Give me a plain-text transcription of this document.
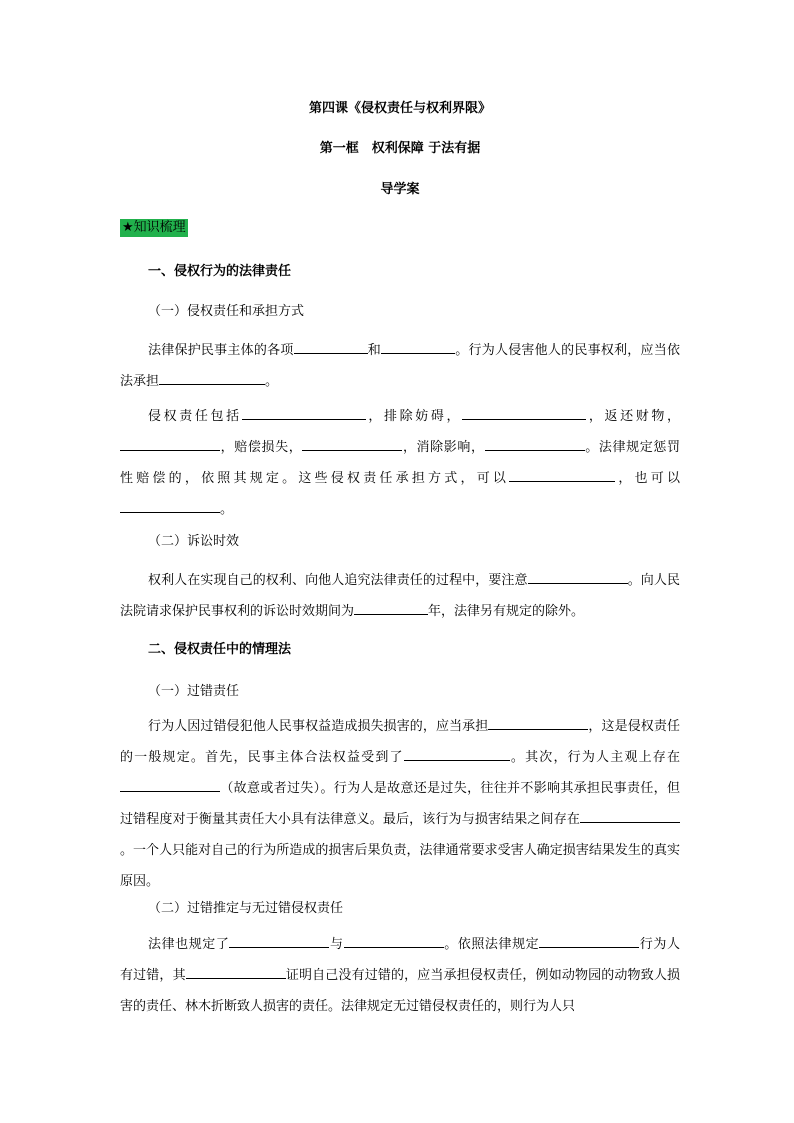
第四课《侵权责任与权利界限》
第一框　权利保障 于法有据
导学案
★知识梳理
一、侵权行为的法律责任
（一）侵权责任和承担方式

法律保护民事主体的各项	和	。行为人侵害他人的民事权利，应当依法承担	。

侵权责任包括	，排除妨碍，	，返还财物，，赔偿损失，	，消除影响，	。法律规定惩罚性赔偿的，依照其规定。这些侵权责任承担方式，可以	，也可以。

（二）诉讼时效

权利人在实现自己的权利、向他人追究法律责任的过程中，要注意	。向人民法院请求保护民事权利的诉讼时效期间为	年，法律另有规定的除外。

二、侵权责任中的情理法
（一）过错责任

行为人因过错侵犯他人民事权益造成损失损害的，应当承担	，这是侵权责任的一般规定。首先，民事主体合法权益受到了	。其次，行为人主观上存在（故意或者过失）。行为人是故意还是过失，往往并不影响其承担民事责任，但过错程度对于衡量其责任大小具有法律意义。最后，该行为与损害结果之间存在。一个人只能对自己的行为所造成的损害后果负责，法律通常要求受害人确定损害结果发生的真实原因。

（二）过错推定与无过错侵权责任

法律也规定了	与	。依照法律规定	行为人有过错，其	证明自己没有过错的，应当承担侵权责任，例如动物园的动物致人损害的责任、林木折断致人损害的责任。法律规定无过错侵权责任的，则行为人只
